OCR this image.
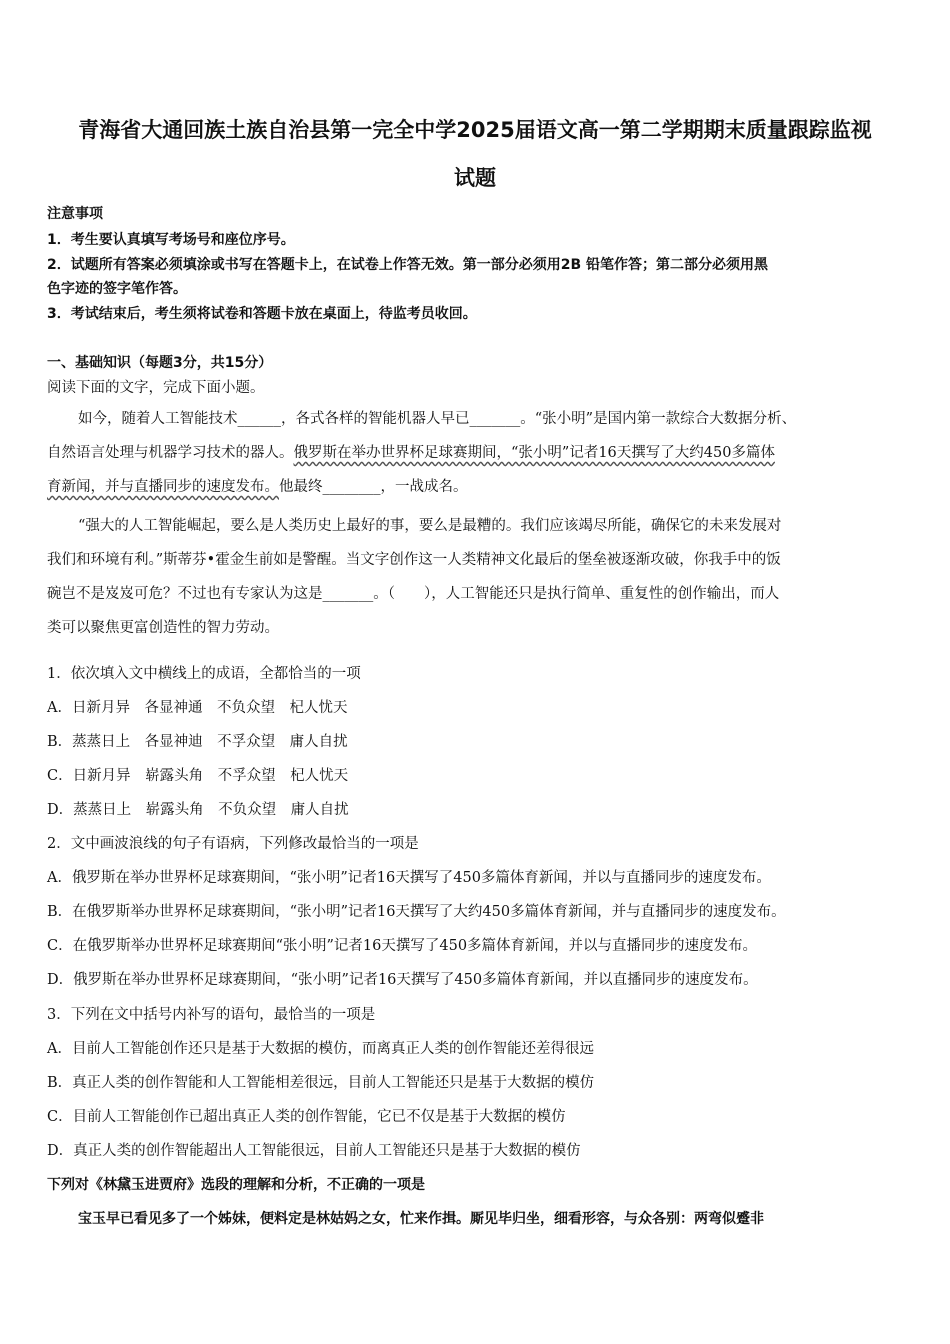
青海省大通回族土族自治县第一完全中学2025届语文高一第二学期期末质量跟踪监视
试题
注意事项
1．考生要认真填写考场号和座位序号。
2．试题所有答案必须填涂或书写在答题卡上，在试卷上作答无效。第一部分必须用2B 铅笔作答；第二部分必须用黑
色字迹的签字笔作答。
3．考试结束后，考生须将试卷和答题卡放在桌面上，待监考员收回。
一、基础知识（每题3分，共15分）
阅读下面的文字，完成下面小题。
如今，随着人工智能技术______，各式各样的智能机器人早已_______。“张小明”是国内第一款综合大数据分析、
自然语言处理与机器学习技术的器人。俄罗斯在举办世界杯足球赛期间，“张小明”记者16天撰写了大约450多篇体
育新闻，并与直播同步的速度发布。他最终________，一战成名。
“强大的人工智能崛起，要么是人类历史上最好的事，要么是最糟的。我们应该竭尽所能，确保它的未来发展对
我们和环境有利。”斯蒂芬•霍金生前如是警醒。当文字创作这一人类精神文化最后的堡垒被逐渐攻破，你我手中的饭
碗岂不是岌岌可危？不过也有专家认为这是_______。（　　），人工智能还只是执行简单、重复性的创作输出，而人
类可以聚焦更富创造性的智力劳动。
1．依次填入文中横线上的成语，全都恰当的一项
A．日新月异　各显神通　不负众望　杞人忧天
B．蒸蒸日上　各显神迪　不孚众望　庸人自扰
C．日新月异　崭露头角　不孚众望　杞人忧天
D．蒸蒸日上　崭露头角　不负众望　庸人自扰
2．文中画波浪线的句子有语病，下列修改最恰当的一项是
A．俄罗斯在举办世界杯足球赛期间，“张小明”记者16天撰写了450多篇体育新闻，并以与直播同步的速度发布。
B．在俄罗斯举办世界杯足球赛期间，“张小明”记者16天撰写了大约450多篇体育新闻，并与直播同步的速度发布。
C．在俄罗斯举办世界杯足球赛期间“张小明”记者16天撰写了450多篇体育新闻，并以与直播同步的速度发布。
D．俄罗斯在举办世界杯足球赛期间，“张小明”记者16天撰写了450多篇体育新闻，并以直播同步的速度发布。
3．下列在文中括号内补写的语句，最恰当的一项是
A．目前人工智能创作还只是基于大数据的模仿，而离真正人类的创作智能还差得很远
B．真正人类的创作智能和人工智能相差很远，目前人工智能还只是基于大数据的模仿
C．目前人工智能创作已超出真正人类的创作智能，它已不仅是基于大数据的模仿
D．真正人类的创作智能超出人工智能很远，目前人工智能还只是基于大数据的模仿
下列对《林黛玉进贾府》选段的理解和分析，不正确的一项是
宝玉早已看见多了一个姊妹，便料定是林姑妈之女，忙来作揖。厮见毕归坐，细看形容，与众各别：两弯似蹙非
